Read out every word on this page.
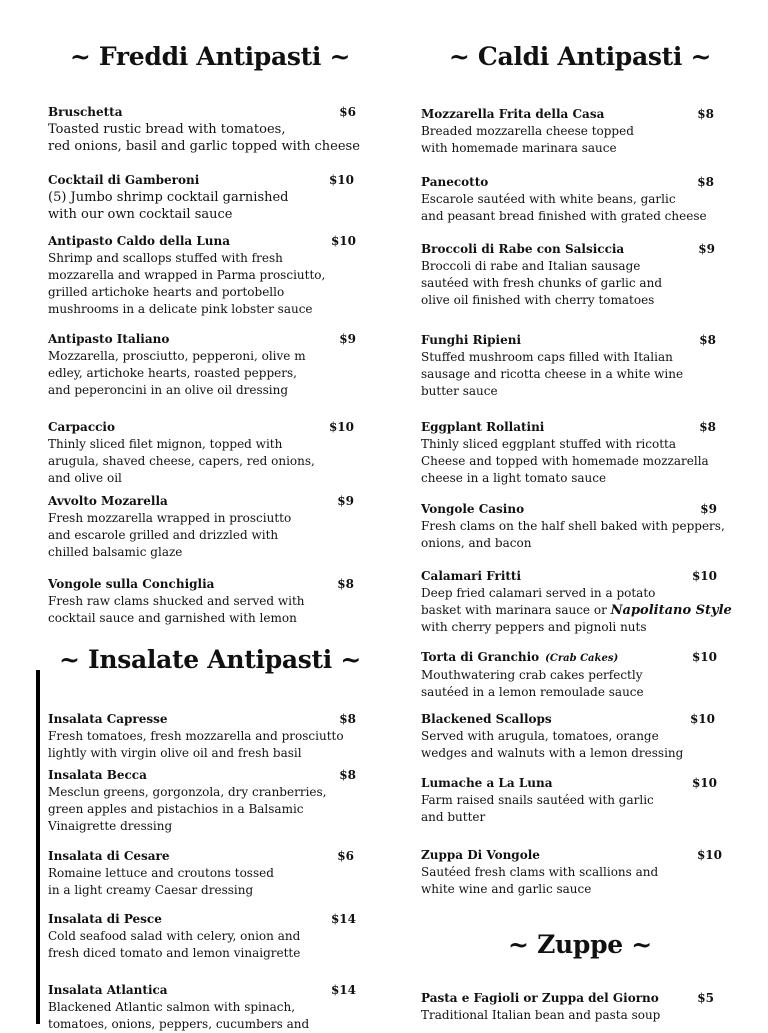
~ Freddi Antipasti ~
Bruschetta	$6
Toasted rustic bread with tomatoes,
red onions, basil and garlic topped with cheese
Cocktail di Gamberoni	$10
(5) Jumbo shrimp cocktail garnished
with our own cocktail sauce
Antipasto Caldo della Luna	$10
Shrimp and scallops stuffed with fresh
mozzarella and wrapped in Parma prosciutto,
grilled artichoke hearts and portobello
mushrooms in a delicate pink lobster sauce
Antipasto Italiano	$9
Mozzarella, prosciutto, pepperoni, olive m
edley, artichoke hearts, roasted peppers,
and peperoncini in an olive oil dressing
Carpaccio	$10
Thinly sliced filet mignon, topped with
arugula, shaved cheese, capers, red onions,
and olive oil
Avvolto Mozarella	$9
Fresh mozzarella wrapped in prosciutto
and escarole grilled and drizzled with
chilled balsamic glaze
Vongole sulla Conchiglia	$8
Fresh raw clams shucked and served with
cocktail sauce and garnished with lemon
~ Insalate Antipasti ~
Insalata Capresse	$8
Fresh tomatoes, fresh mozzarella and prosciutto
lightly with virgin olive oil and fresh basil
Insalata Becca	$8
Mesclun greens, gorgonzola, dry cranberries,
green apples and pistachios in a Balsamic
Vinaigrette dressing
Insalata di Cesare	$6
Romaine lettuce and croutons tossed
in a light creamy Caesar dressing
Insalata di Pesce	$14
Cold seafood salad with celery, onion and
fresh diced tomato and lemon vinaigrette
Insalata Atlantica	$14
Blackened Atlantic salmon with spinach,
tomatoes, onions, peppers, cucumbers and
~ Caldi Antipasti ~
Mozzarella Frita della Casa	$8
Breaded mozzarella cheese topped
with homemade marinara sauce
Panecotto	$8
Escarole sautéed with white beans, garlic
and peasant bread finished with grated cheese
Broccoli di Rabe con Salsiccia	$9
Broccoli di rabe and Italian sausage
sautéed with fresh chunks of garlic and
olive oil finished with cherry tomatoes
Funghi Ripieni	$8
Stuffed mushroom caps filled with Italian
sausage and ricotta cheese in a white wine
butter sauce
Eggplant Rollatini	$8
Thinly sliced eggplant stuffed with ricotta
Cheese and topped with homemade mozzarella
cheese in a light tomato sauce
Vongole Casino	$9
Fresh clams on the half shell baked with peppers,
onions, and bacon
Calamari Fritti	$10
Deep fried calamari served in a potato
basket with marinara sauce or Napolitano Style
with cherry peppers and pignoli nuts
Torta di Granchio (Crab Cakes)	$10
Mouthwatering crab cakes perfectly
sautéed in a lemon remoulade sauce
Blackened Scallops	$10
Served with arugula, tomatoes, orange
wedges and walnuts with a lemon dressing
Lumache a La Luna	$10
Farm raised snails sautéed with garlic
and butter
Zuppa Di Vongole	$10
Sautéed fresh clams with scallions and
white wine and garlic sauce
~ Zuppe ~
Pasta e Fagioli or Zuppa del Giorno	$5
Traditional Italian bean and pasta soup
